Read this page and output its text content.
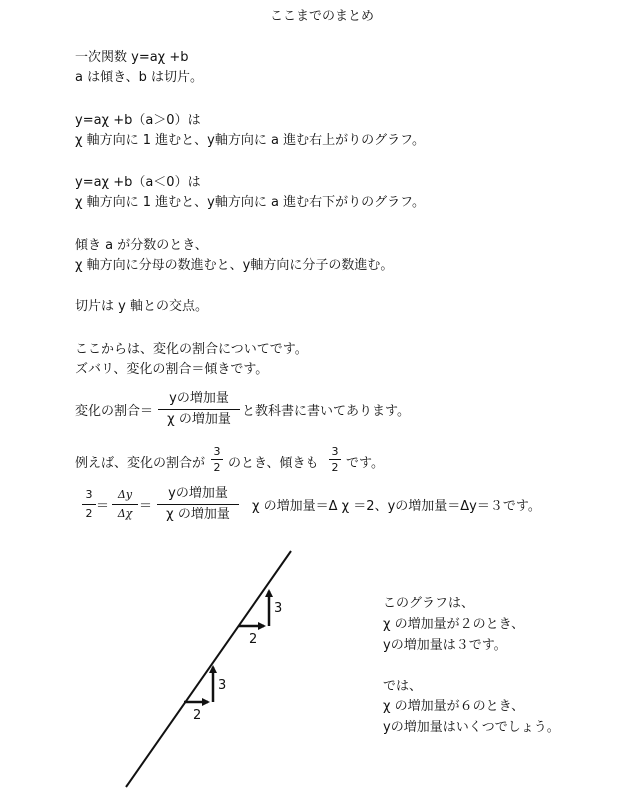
ここまでのまとめ
一次関数 y=aχ +b
a は傾き、b は切片。
y=aχ +b（a＞0）は
χ 軸方向に 1 進むと、y軸方向に a 進む右上がりのグラフ。
y=aχ +b（a＜0）は
χ 軸方向に 1 進むと、y軸方向に a 進む右下がりのグラフ。
傾き a が分数のとき、
χ 軸方向に分母の数進むと、y軸方向に分子の数進む。
切片は y 軸との交点。
ここからは、変化の割合についてです。
ズバリ、変化の割合＝傾きです。
変化の割合＝
yの増加量
χ の増加量
と教科書に書いてあります。
例えば、変化の割合が
3
2 のとき、傾きも
3
2 です。
3
2 ＝
Δy
Δχ ＝
yの増加量
χ の増加量
χ の増加量＝Δ χ ＝2、yの増加量＝Δy＝３です。
2
3
2
3
このグラフは、
χ の増加量が２のとき、
yの増加量は３です。
では、
χ の増加量が６のとき、
yの増加量はいくつでしょう。
